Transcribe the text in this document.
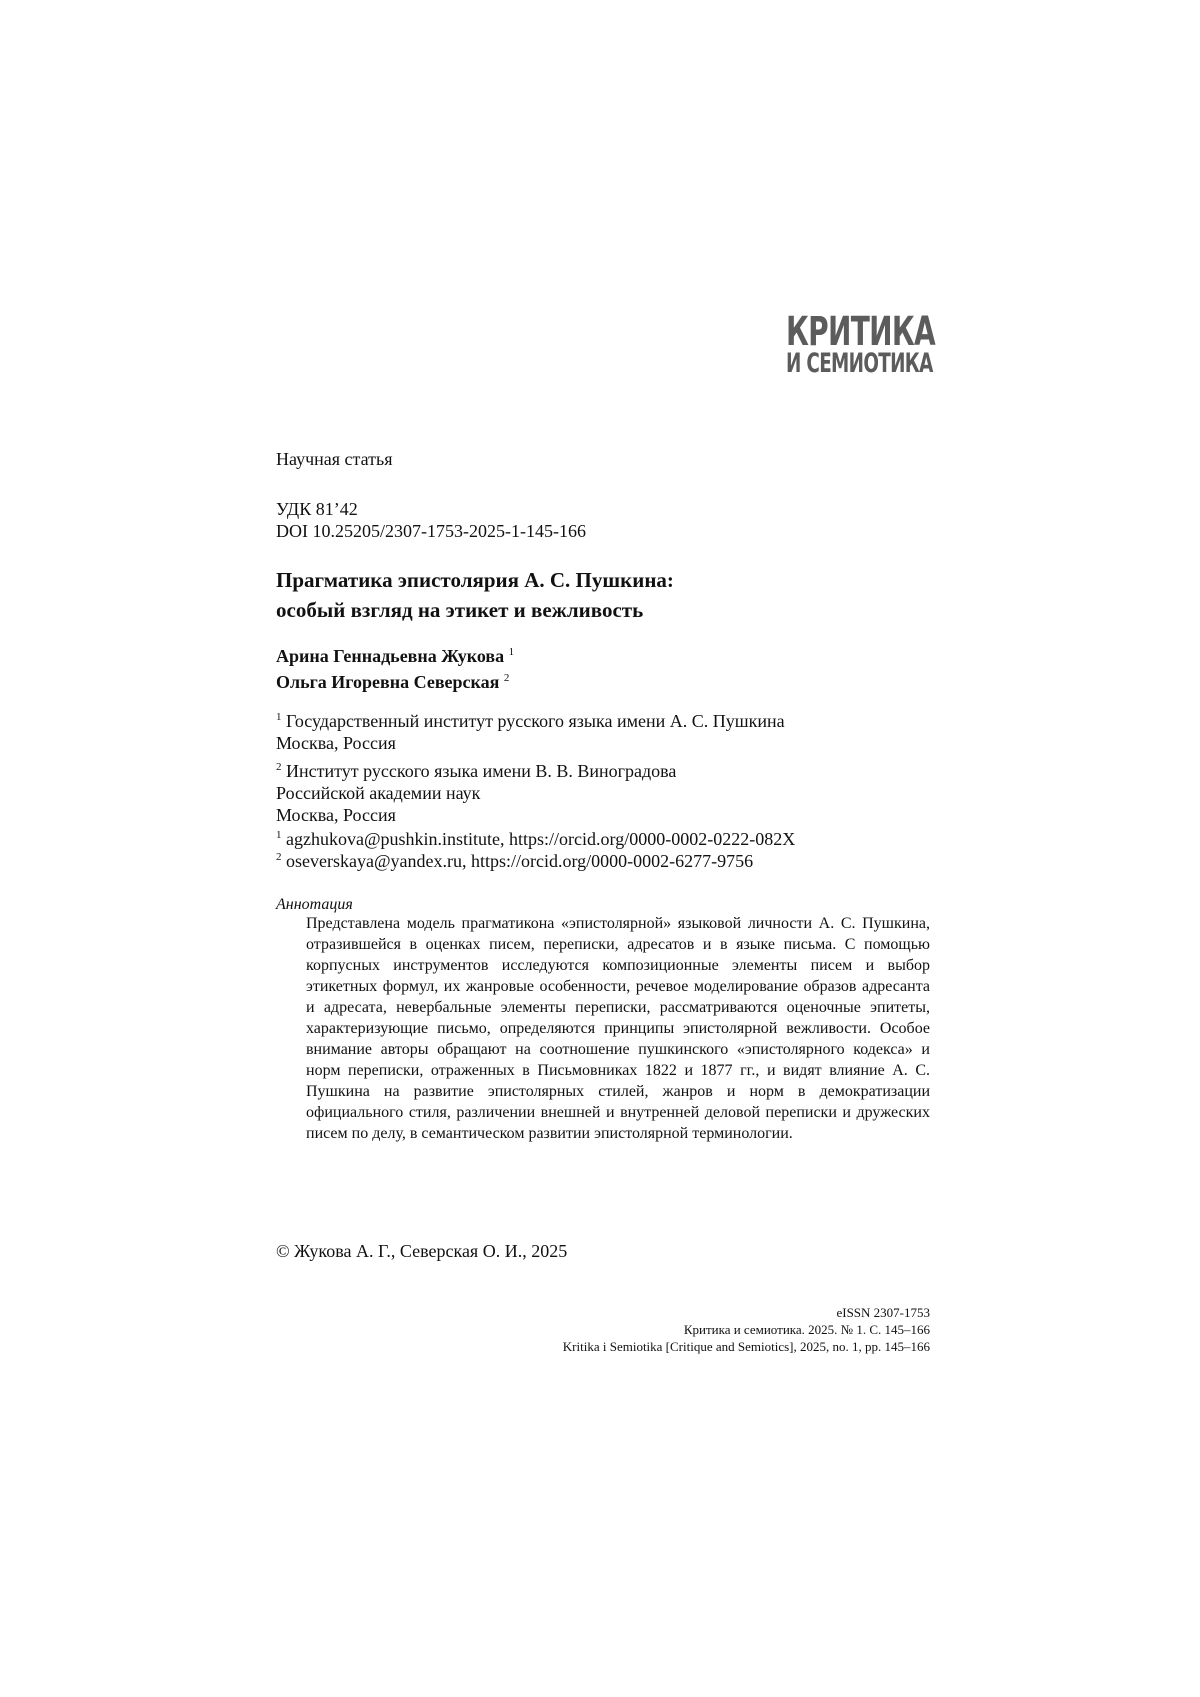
КРИТИКА
И СЕМИОТИКА
Научная статья
УДК 81’42
DOI 10.25205/2307-1753-2025-1-145-166
Прагматика эпистолярия А. С. Пушкина:
особый взгляд на этикет и вежливость
Арина Геннадьевна Жукова 1
Ольга Игоревна Северская 2
1 Государственный институт русского языка имени А. С. Пушкина
Москва, Россия
2 Институт русского языка имени В. В. Виноградова
Российской академии наук
Москва, Россия
1 agzhukova@pushkin.institute, https://orcid.org/0000-0002-0222-082X
2 oseverskaya@yandex.ru, https://orcid.org/0000-0002-6277-9756
Аннотация
Представлена модель прагматикона «эпистолярной» языковой личности А. С. Пушкина, отразившейся в оценках писем, переписки, адресатов и в языке письма. С помощью корпусных инструментов исследуются композиционные элементы писем и выбор этикетных формул, их жанровые особенности, рече­вое моделирование образов адресанта и адресата, невербальные элементы пе­реписки, рассматриваются оценочные эпитеты, характеризующие письмо, определяются принципы эпистолярной вежливости. Особое внимание авторы обращают на соотношение пушкинского «эпистолярного кодекса» и норм пе­реписки, отраженных в Письмовниках 1822 и 1877 гг., и видят влияние А. С. Пушкина на развитие эпистолярных стилей, жанров и норм в демократи­зации официального стиля, различении внешней и внутренней деловой пере­писки и дружеских писем по делу, в семантическом развитии эпистолярной терминологии.
© Жукова А. Г., Северская О. И., 2025
eISSN 2307-1753
Критика и семиотика. 2025. № 1. С. 145–166
Kritika i Semiotika [Critique and Semiotics], 2025, no. 1, pp. 145–166
